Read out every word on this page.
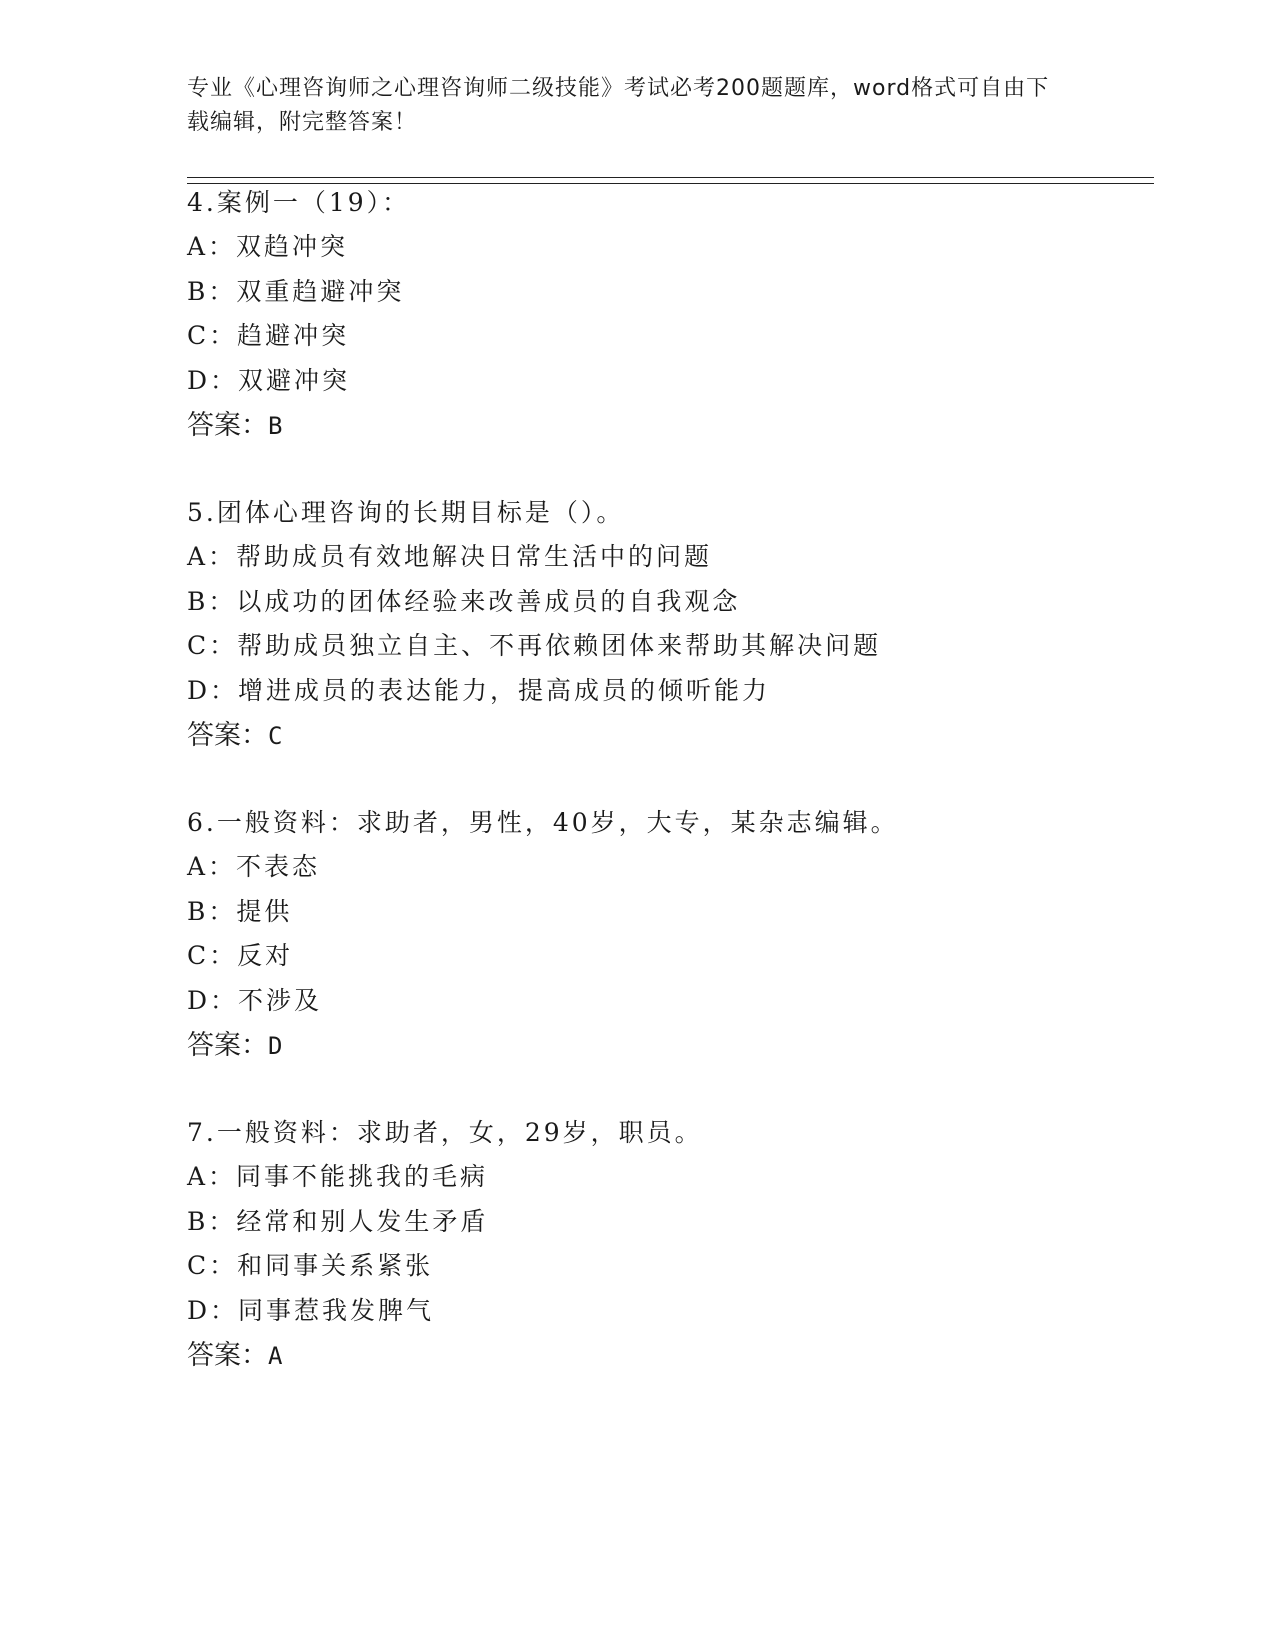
专业《心理咨询师之心理咨询师二级技能》考试必考200题题库，word格式可自由下载编辑，附完整答案！
4.案例一（19）：
A：双趋冲突
B：双重趋避冲突
C：趋避冲突
D：双避冲突
答案：B
5.团体心理咨询的长期目标是（）。
A：帮助成员有效地解决日常生活中的问题
B：以成功的团体经验来改善成员的自我观念
C：帮助成员独立自主、不再依赖团体来帮助其解决问题
D：增进成员的表达能力，提高成员的倾听能力
答案：C
6.一般资料：求助者，男性，40岁，大专，某杂志编辑。
A：不表态
B：提供
C：反对
D：不涉及
答案：D
7.一般资料：求助者，女，29岁，职员。
A：同事不能挑我的毛病
B：经常和别人发生矛盾
C：和同事关系紧张
D：同事惹我发脾气
答案：A
